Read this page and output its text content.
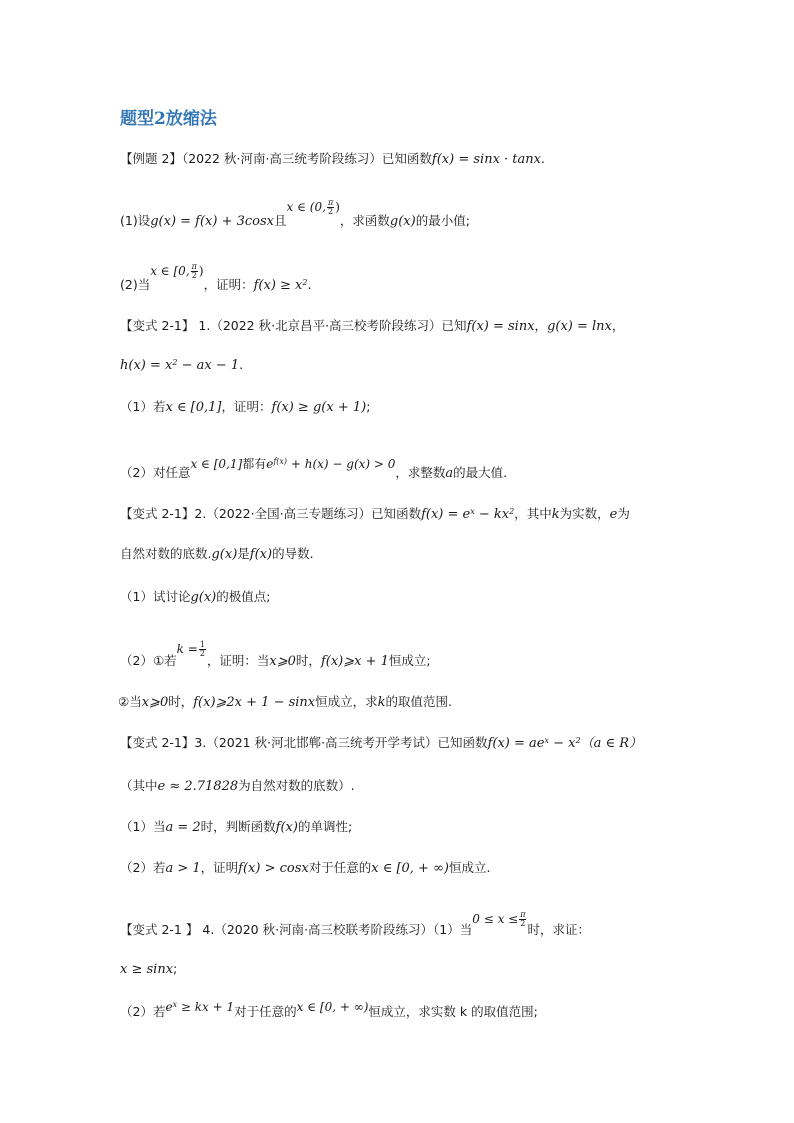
题型2放缩法
【例题 2】（2022 秋·河南·高三统考阶段练习）已知函数f(x) = sinx · tanx.
(1)设g(x) = f(x) + 3cosx且x ∈ (0, $\frac{\pi}{2}$ )，求函数g(x)的最小值;
(2)当x ∈ [0, $\frac{\pi}{2}$ )，证明：$f(x) \ge x^2$.
【变式 2-1】 1.（2022 秋·北京昌平·高三校考阶段练习）已知f(x) = sinx，g(x) = lnx，
$h(x) = x^2$ − ax − 1.
（1）若x ∈ [0,1]，证明：f(x) ≥ g(x + 1);
（2）对任意x ∈ [0,1]都有$e^{f(x)} + h(x) - g(x) > 0$，求整数a的最大值.
【变式 2-1】2.（2022·全国·高三专题练习）已知函数$f(x) = e^x - kx^2$，其中k为实数，e为
自然对数的底数.g(x)是f(x)的导数.
（1）试讨论g(x)的极值点;
（2）①若$k = \frac{1}{2}$
，证明：当x⩾0时，f(x)⩾x + 1恒成立;
②当x⩾0时，f(x)⩾2x + 1 − sinx恒成立，求k的取值范围.
【变式 2-1】3.（2021 秋·河北邯郸·高三统考开学考试）已知函数$f(x) = ae^x - x^2(a$ ∈ R）
（其中e ≈ 2.71828为自然对数的底数）.
（1）当a = 2时，判断函数f(x)的单调性;
（2）若a > 1，证明f(x) > cosx对于任意的x ∈ [0, + ∞)恒成立.
【变式 2-1 】 4.（2020 秋·河南·高三校联考阶段练习）（1）当$0 \le x \le \frac{\pi}{2}$
时，求证：
x ≥ sinx;
（2）若$e^x$ ≥ kx + 1对于任意的x ∈ [0, + ∞)恒成立，求实数 k 的取值范围;
